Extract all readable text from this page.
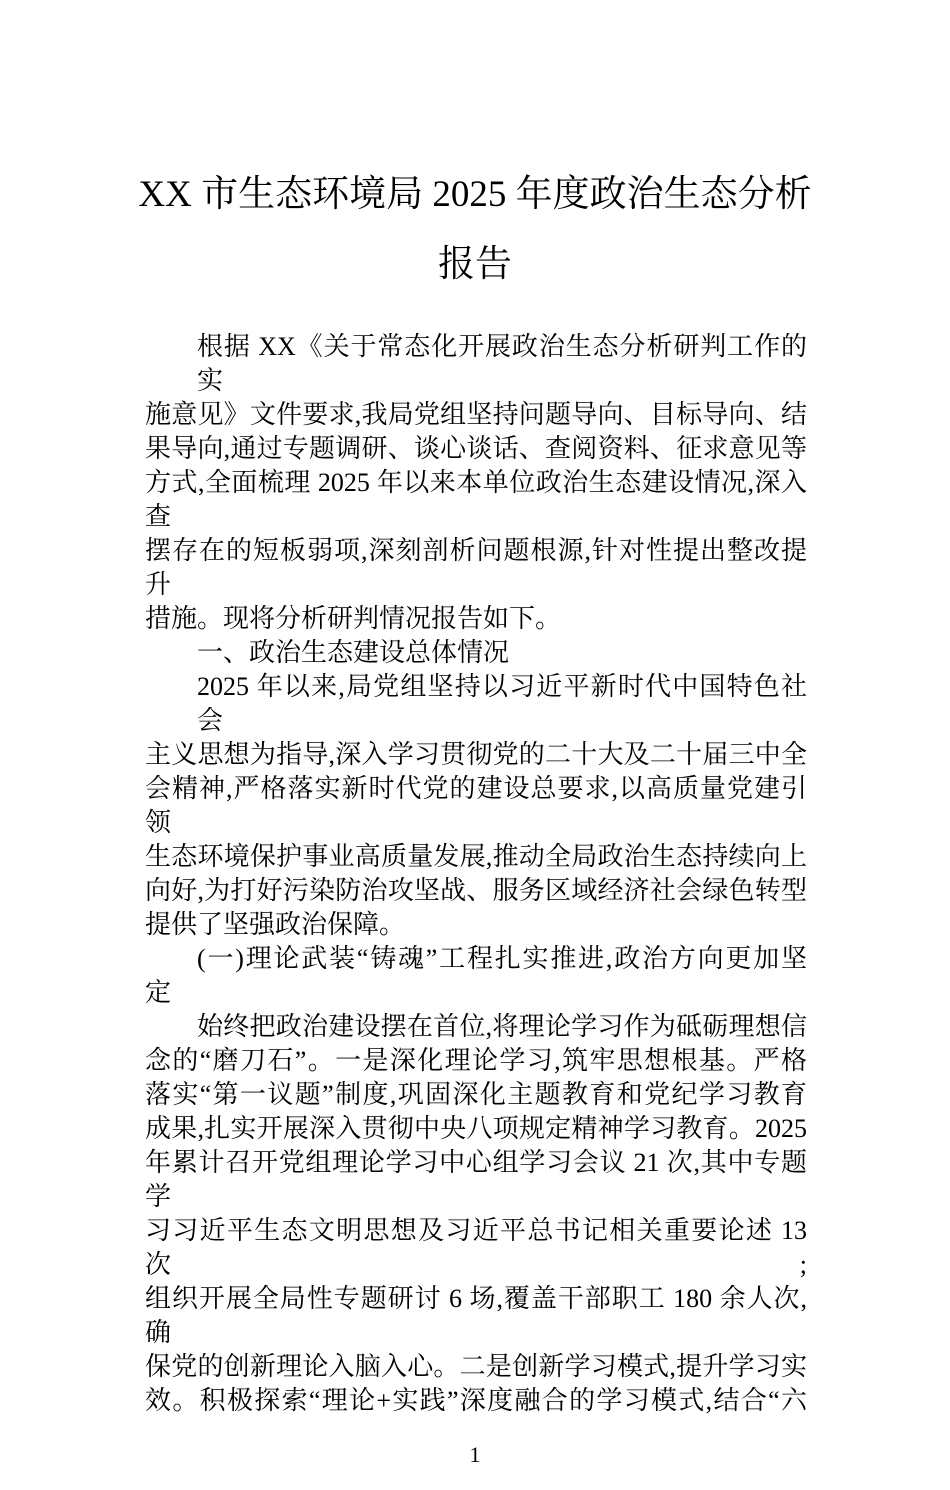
XX 市生态环境局 2025 年度政治生态分析
报告
根据 XX《关于常态化开展政治生态分析研判工作的实
施意见》文件要求,我局党组坚持问题导向、目标导向、结
果导向,通过专题调研、谈心谈话、查阅资料、征求意见等
方式,全面梳理 2025 年以来本单位政治生态建设情况,深入查
摆存在的短板弱项,深刻剖析问题根源,针对性提出整改提升
措施。现将分析研判情况报告如下。
一、政治生态建设总体情况
2025 年以来,局党组坚持以习近平新时代中国特色社会
主义思想为指导,深入学习贯彻党的二十大及二十届三中全
会精神,严格落实新时代党的建设总要求,以高质量党建引领
生态环境保护事业高质量发展,推动全局政治生态持续向上
向好,为打好污染防治攻坚战、服务区域经济社会绿色转型
提供了坚强政治保障。
(一)理论武装“铸魂”工程扎实推进,政治方向更加坚
定
始终把政治建设摆在首位,将理论学习作为砥砺理想信
念的“磨刀石”。一是深化理论学习,筑牢思想根基。严格
落实“第一议题”制度,巩固深化主题教育和党纪学习教育
成果,扎实开展深入贯彻中央八项规定精神学习教育。2025
年累计召开党组理论学习中心组学习会议 21 次,其中专题学
习习近平生态文明思想及习近平总书记相关重要论述 13 次;
组织开展全局性专题研讨 6 场,覆盖干部职工 180 余人次,确
保党的创新理论入脑入心。二是创新学习模式,提升学习实
效。积极探索“理论+实践”深度融合的学习模式,结合“六
1
